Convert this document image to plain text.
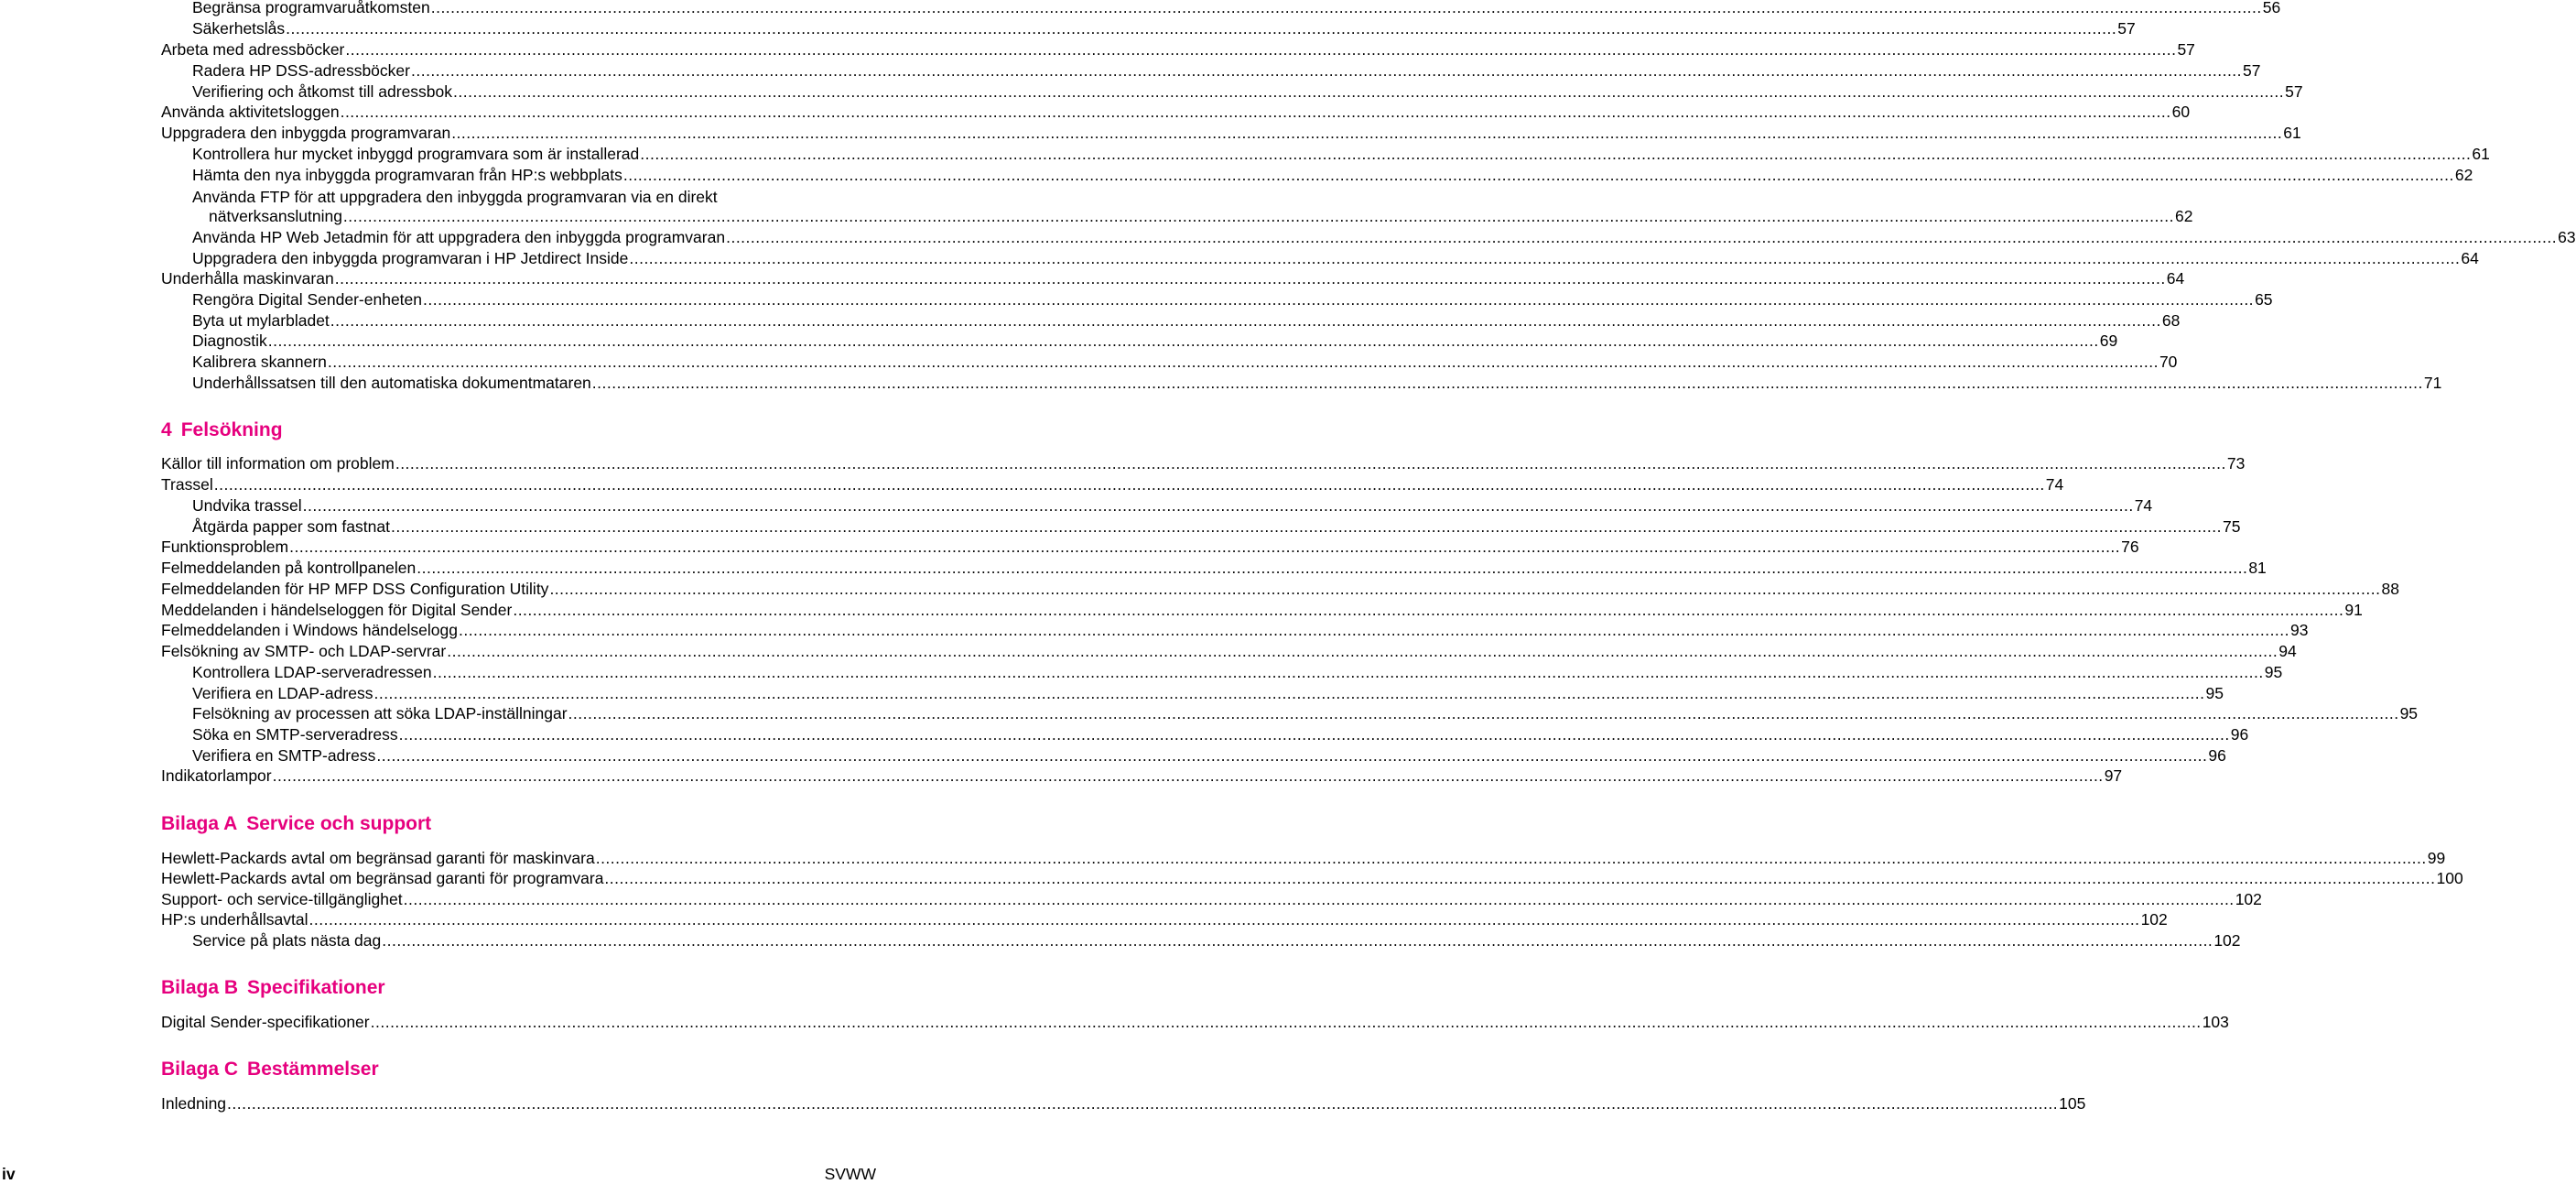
Begränsa programvaruåtkomsten .....	56
Säkerhetslås .....	57
Arbeta med adressböcker .....	57
Radera HP DSS-adressböcker .....	57
Verifiering och åtkomst till adressbok .....	57
Använda aktivitetsloggen .....	60
Uppgradera den inbyggda programvaran .....	61
Kontrollera hur mycket inbyggd programvara som är installerad .....	61
Hämta den nya inbyggda programvaran från HP:s webbplats .....	62
Använda FTP för att uppgradera den inbyggda programvaran via en direkt
nätverksanslutning .....	62
Använda HP Web Jetadmin för att uppgradera den inbyggda programvaran .....	63
Uppgradera den inbyggda programvaran i HP Jetdirect Inside .....	64
Underhålla maskinvaran .....	64
Rengöra Digital Sender-enheten .....	65
Byta ut mylarbladet .....	68
Diagnostik .....	69
Kalibrera skannern .....	70
Underhållssatsen till den automatiska dokumentmataren .....	71
4 Felsökning
Källor till information om problem .....	73
Trassel .....	74
Undvika trassel .....	74
Åtgärda papper som fastnat .....	75
Funktionsproblem .....	76
Felmeddelanden på kontrollpanelen .....	81
Felmeddelanden för HP MFP DSS Configuration Utility .....	88
Meddelanden i händelseloggen för Digital Sender .....	91
Felmeddelanden i Windows händelselogg .....	93
Felsökning av SMTP- och LDAP-servrar .....	94
Kontrollera LDAP-serveradressen .....	95
Verifiera en LDAP-adress .....	95
Felsökning av processen att söka LDAP-inställningar .....	95
Söka en SMTP-serveradress .....	96
Verifiera en SMTP-adress .....	96
Indikatorlampor .....	97
Bilaga A Service och support
Hewlett-Packards avtal om begränsad garanti för maskinvara .....	99
Hewlett-Packards avtal om begränsad garanti för programvara .....	100
Support- och service-tillgänglighet .....	102
HP:s underhållsavtal .....	102
Service på plats nästa dag .....	102
Bilaga B Specifikationer
Digital Sender-specifikationer .....	103
Bilaga C Bestämmelser
Inledning .....	105
iv	SVWW
